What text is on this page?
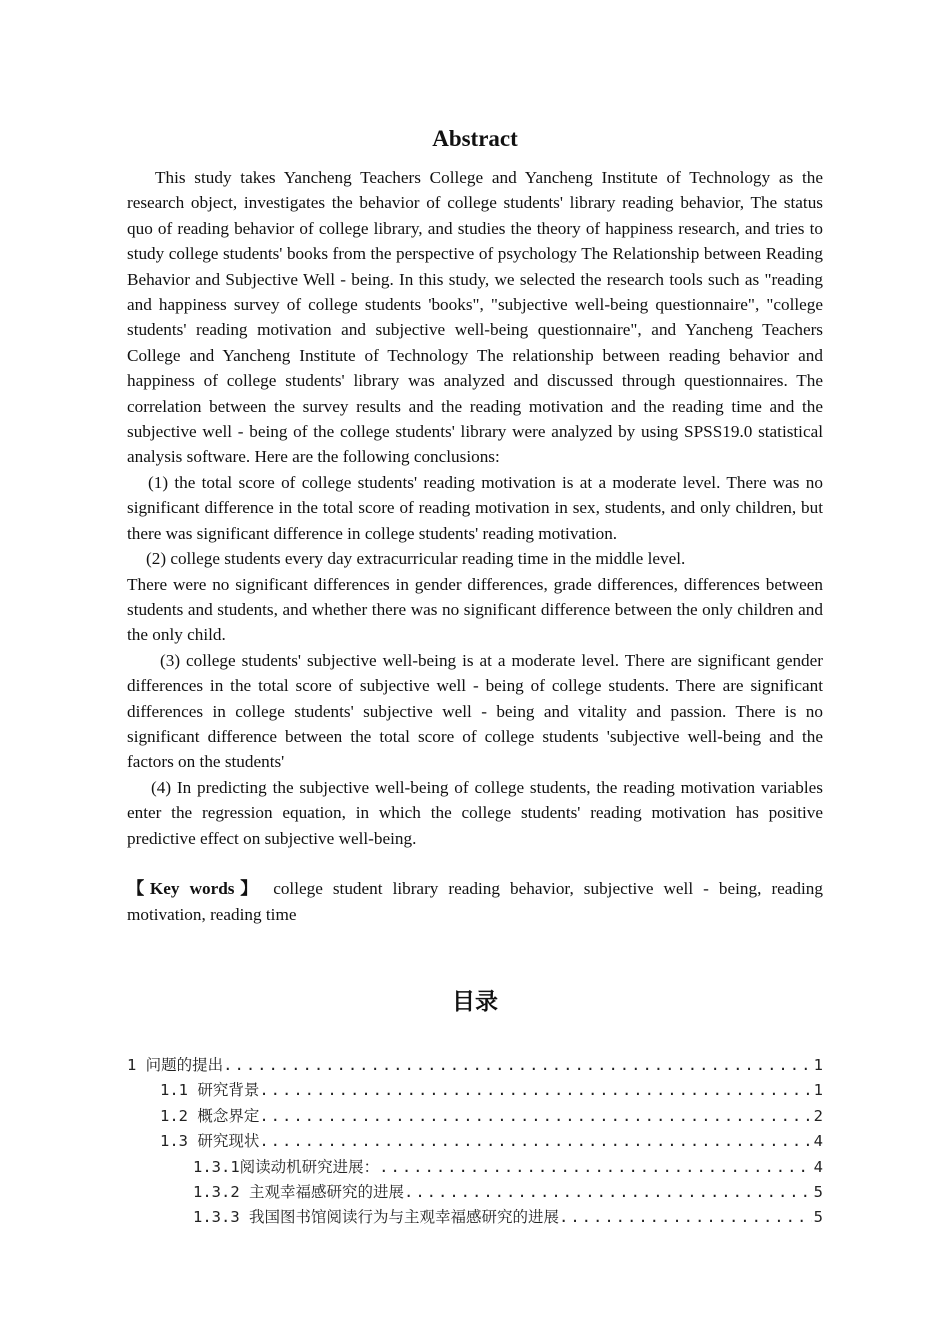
Abstract

This study takes Yancheng Teachers College and Yancheng Institute of Technology as the research object, investigates the behavior of college students' library reading behavior, The status quo of reading behavior of college library, and studies the theory of happiness research, and tries to study college students' books from the perspective of psychology The Relationship between Reading Behavior and Subjective Well - being. In this study, we selected the research tools such as "reading and happiness survey of college students 'books", "subjective well-being questionnaire", "college students' reading motivation and subjective well-being questionnaire", and Yancheng Teachers College and Yancheng Institute of Technology The relationship between reading behavior and happiness of college students' library was analyzed and discussed through questionnaires. The correlation between the survey results and the reading motivation and the reading time and the subjective well - being of the college students' library were analyzed by using SPSS19.0 statistical analysis software. Here are the following conclusions:

(1) the total score of college students' reading motivation is at a moderate level. There was no significant difference in the total score of reading motivation in sex, students, and only children, but there was significant difference in college students' reading motivation.

(2) college students every day extracurricular reading time in the middle level.

There were no significant differences in gender differences, grade differences, differences between students and students, and whether there was no significant difference between the only children and the only child.

(3) college students' subjective well-being is at a moderate level. There are significant gender differences in the total score of subjective well - being of college students. There are significant differences in college students' subjective well - being and vitality and passion. There is no significant difference between the total score of college students 'subjective well-being and the factors on the students'

(4) In predicting the subjective well-being of college students, the reading motivation variables enter the regression equation, in which the college students' reading motivation has positive predictive effect on subjective well-being.

【Key words】 college student library reading behavior, subjective well - being, reading motivation, reading time

目录
1 问题的提出 .....	1
1.1 研究背景 .....	1
1.2 概念界定 .....	2
1.3 研究现状 .....	4
1.3.1阅读动机研究进展： .....	4
1.3.2 主观幸福感研究的进展 .....	5
1.3.3 我国图书馆阅读行为与主观幸福感研究的进展 .....	5
